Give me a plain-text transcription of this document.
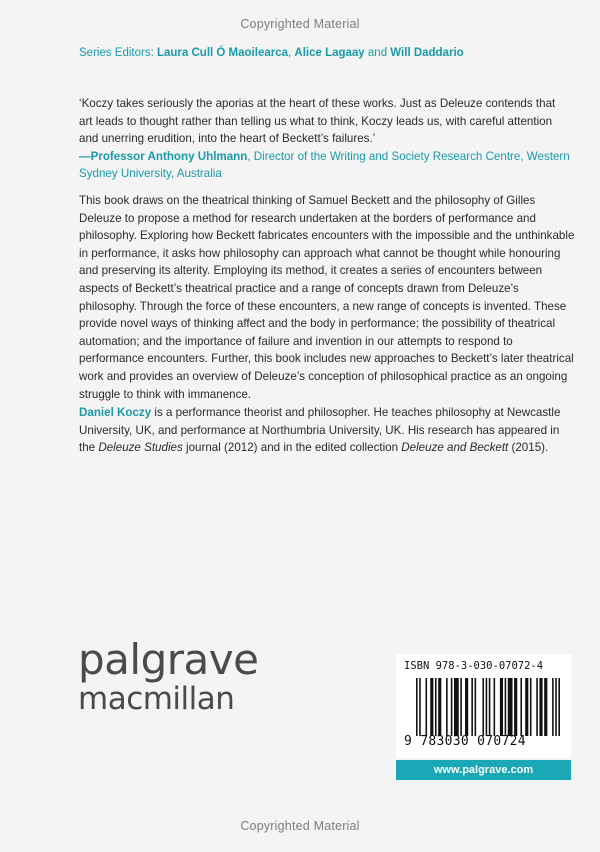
Copyrighted Material
Series Editors: Laura Cull Ó Maoilearca, Alice Lagaay and Will Daddario
‘Koczy takes seriously the aporias at the heart of these works. Just as Deleuze contends that art leads to thought rather than telling us what to think, Koczy leads us, with careful attention and unerring erudition, into the heart of Beckett’s failures.’
—Professor Anthony Uhlmann, Director of the Writing and Society Research Centre, Western Sydney University, Australia
This book draws on the theatrical thinking of Samuel Beckett and the philosophy of Gilles Deleuze to propose a method for research undertaken at the borders of performance and philosophy. Exploring how Beckett fabricates encounters with the impossible and the unthinkable in performance, it asks how philosophy can approach what cannot be thought while honouring and preserving its alterity. Employing its method, it creates a series of encounters between aspects of Beckett’s theatrical practice and a range of concepts drawn from Deleuze’s philosophy. Through the force of these encounters, a new range of concepts is invented. These provide novel ways of thinking affect and the body in performance; the possibility of theatrical automation; and the importance of failure and invention in our attempts to respond to performance encounters. Further, this book includes new approaches to Beckett’s later theatrical work and provides an overview of Deleuze’s conception of philosophical practice as an ongoing struggle to think with immanence.
Daniel Koczy is a performance theorist and philosopher. He teaches philosophy at Newcastle University, UK, and performance at Northumbria University, UK. His research has appeared in the Deleuze Studies journal (2012) and in the edited collection Deleuze and Beckett (2015).
palgrave
macmillan
ISBN 978-3-030-07072-4
9 783030 070724
www.palgrave.com
Copyrighted Material
